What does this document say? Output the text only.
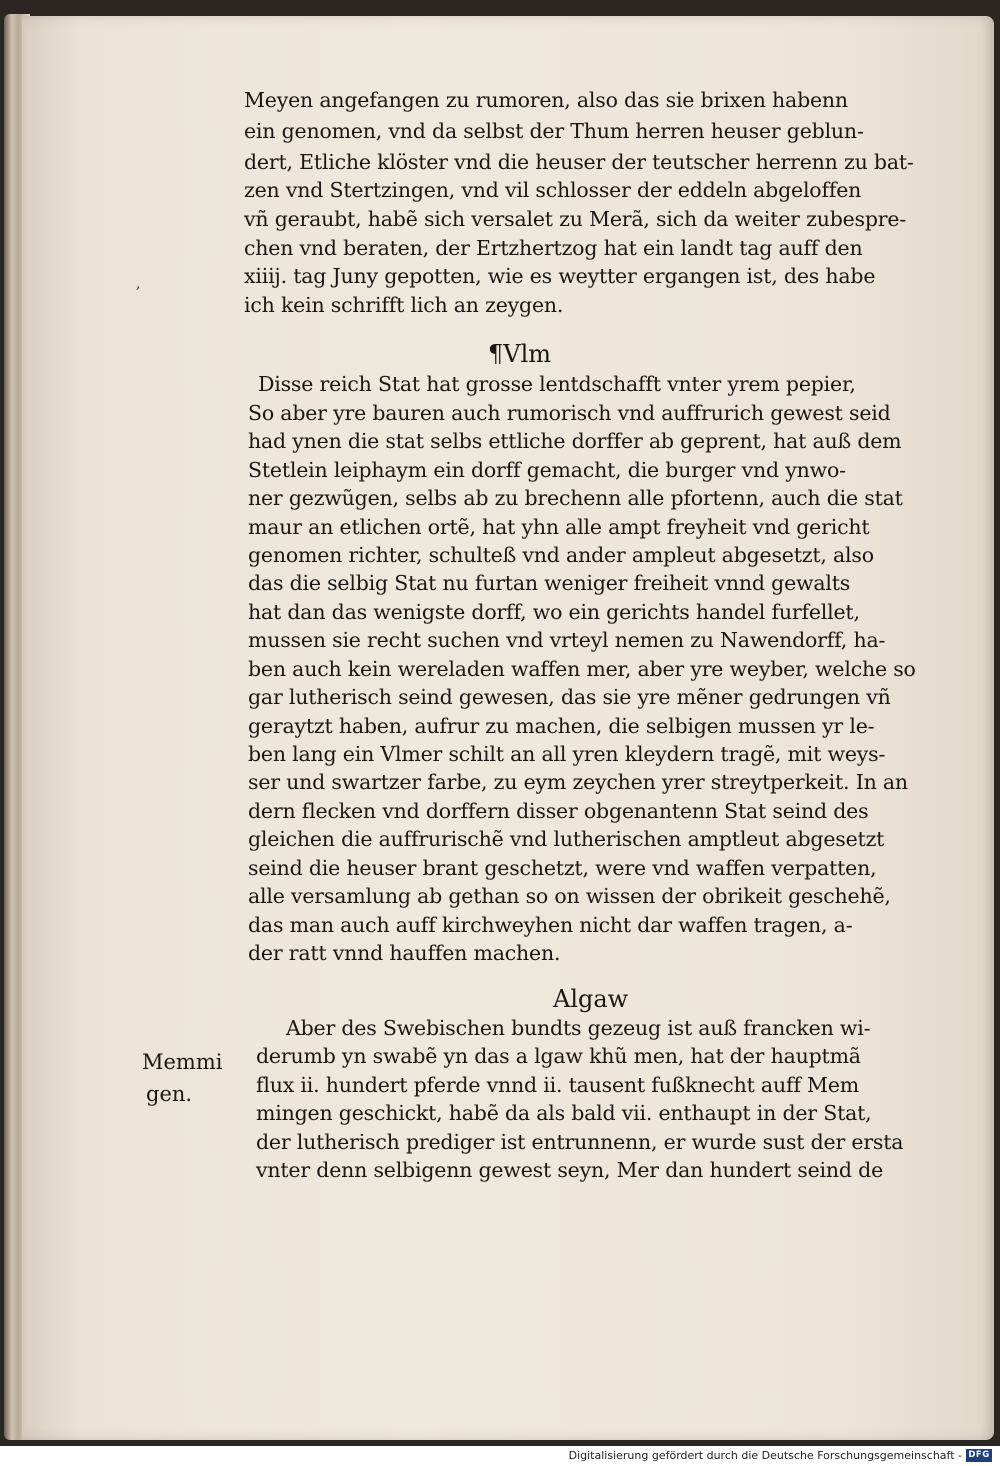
,
Meyen angefangen zu rumoren, also das sie brixen habenn
ein genomen, vnd da selbst der Thum herren heuser geblun-
dert, Etliche klöster vnd die heuser der teutscher herrenn zu bat-
zen vnd Stertzingen, vnd vil schlosser der eddeln abgeloffen
vñ geraubt, habẽ sich versalet zu Merã, sich da weiter zubespre-
chen vnd beraten, der Ertzhertzog hat ein landt tag auff den
xiiij. tag Juny gepotten, wie es weytter ergangen ist, des habe
ich kein schrifft lich an zeygen.
¶Vlm
Disse reich Stat hat grosse lentdschafft vnter yrem pepier,
So aber yre bauren auch rumorisch vnd auffrurich gewest seid
had ynen die stat selbs ettliche dorffer ab geprent, hat auß dem
Stetlein leiphaym ein dorff gemacht, die burger vnd ynwo-
ner gezwũgen, selbs ab zu brechenn alle pfortenn, auch die stat
maur an etlichen ortẽ, hat yhn alle ampt freyheit vnd gericht
genomen richter, schulteß vnd ander ampleut abgesetzt, also
das die selbig Stat nu furtan weniger freiheit vnnd gewalts
hat dan das wenigste dorff, wo ein gerichts handel furfellet,
mussen sie recht suchen vnd vrteyl nemen zu Nawendorff, ha-
ben auch kein wereladen waffen mer, aber yre weyber, welche so
gar lutherisch seind gewesen, das sie yre mẽner gedrungen vñ
geraytzt haben, aufrur zu machen, die selbigen mussen yr le-
ben lang ein Vlmer schilt an all yren kleydern tragẽ, mit weys-
ser und swartzer farbe, zu eym zeychen yrer streytperkeit. In an
dern flecken vnd dorffern disser obgenantenn Stat seind des
gleichen die auffrurischẽ vnd lutherischen amptleut abgesetzt
seind die heuser brant geschetzt, were vnd waffen verpatten,
alle versamlung ab gethan so on wissen der obrikeit geschehẽ,
das man auch auff kirchweyhen nicht dar waffen tragen, a-
der ratt vnnd hauffen machen.
Algaw
Memmi
gen.
Aber des Swebischen bundts gezeug ist auß francken wi-
derumb yn swabẽ yn das a lgaw khũ men, hat der hauptmã
flux ii. hundert pferde vnnd ii. tausent fußknecht auff Mem
mingen geschickt, habẽ da als bald vii. enthaupt in der Stat,
der lutherisch prediger ist entrunnenn, er wurde sust der ersta
vnter denn selbigenn gewest seyn, Mer dan hundert seind de
Digitalisierung gefördert durch die Deutsche Forschungsgemeinschaft - DFG
